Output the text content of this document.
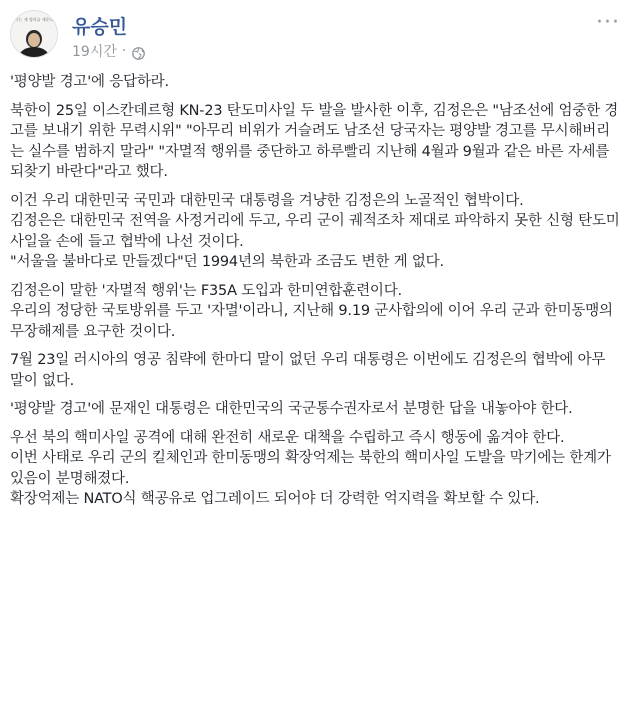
사는 게 정의를 세운다 유승민
19시간 ·
···

'평양발 경고'에 응답하라.

북한이 25일 이스칸데르형 KN-23 탄도미사일 두 발을 발사한 이후, 김정은은 "남조선에 엄중한 경고를 보내기 위한 무력시위" "아무리 비위가 거슬려도 남조선 당국자는 평양발 경고를 무시해버리는 실수를 범하지 말라" "자멸적 행위를 중단하고 하루빨리 지난해 4월과 9월과 같은 바른 자세를 되찾기 바란다"라고 했다.

이건 우리 대한민국 국민과 대한민국 대통령을 겨냥한 김정은의 노골적인 협박이다.
김정은은 대한민국 전역을 사정거리에 두고, 우리 군이 궤적조차 제대로 파악하지 못한 신형 탄도미사일을 손에 들고 협박에 나선 것이다.
"서울을 불바다로 만들겠다"던 1994년의 북한과 조금도 변한 게 없다.

김정은이 말한 '자멸적 행위'는 F35A 도입과 한미연합훈련이다.
우리의 정당한 국토방위를 두고 '자멸'이라니, 지난해 9.19 군사합의에 이어 우리 군과 한미동맹의 무장해제를 요구한 것이다.

7월 23일 러시아의 영공 침략에 한마디 말이 없던 우리 대통령은 이번에도 김정은의 협박에 아무 말이 없다.

'평양발 경고'에 문재인 대통령은 대한민국의 국군통수권자로서 분명한 답을 내놓아야 한다.

우선 북의 핵미사일 공격에 대해 완전히 새로운 대책을 수립하고 즉시 행동에 옮겨야 한다.
이번 사태로 우리 군의 킬체인과 한미동맹의 확장억제는 북한의 핵미사일 도발을 막기에는 한계가 있음이 분명해졌다.
확장억제는 NATO식 핵공유로 업그레이드 되어야 더 강력한 억지력을 확보할 수 있다.
